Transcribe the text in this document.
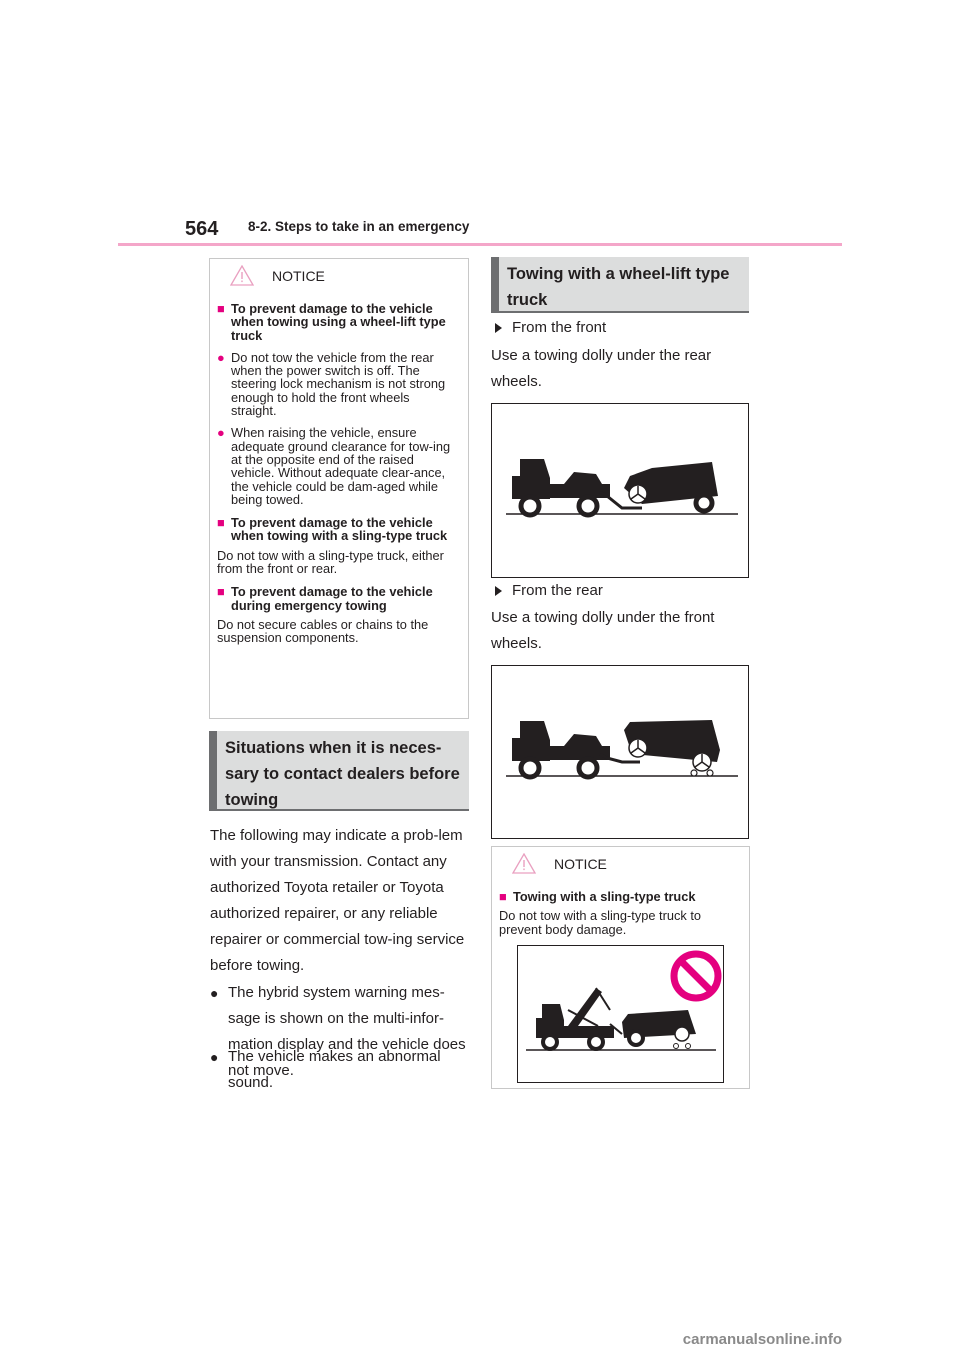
564 8-2. Steps to take in an emergency
NOTICE
■ To prevent damage to the vehicle when towing using a wheel-lift type truck
● Do not tow the vehicle from the rear when the power switch is off. The steering lock mechanism is not strong enough to hold the front wheels straight.
● When raising the vehicle, ensure adequate ground clearance for tow-ing at the opposite end of the raised vehicle. Without adequate clear-ance, the vehicle could be dam-aged while being towed.
■ To prevent damage to the vehicle when towing with a sling-type truck
Do not tow with a sling-type truck, either from the front or rear.
■ To prevent damage to the vehicle during emergency towing
Do not secure cables or chains to the suspension components.
Situations when it is neces-sary to contact dealers before towing
The following may indicate a prob-lem with your transmission. Contact any authorized Toyota retailer or Toyota authorized repairer, or any reliable repairer or commercial tow-ing service before towing.
● The hybrid system warning mes-sage is shown on the multi-infor-mation display and the vehicle does not move.
● The vehicle makes an abnormal sound.
Towing with a wheel-lift type truck
From the front
Use a towing dolly under the rear wheels.
From the rear
Use a towing dolly under the front wheels.
NOTICE
■ Towing with a sling-type truck
Do not tow with a sling-type truck to prevent body damage.
carmanualsonline.info
